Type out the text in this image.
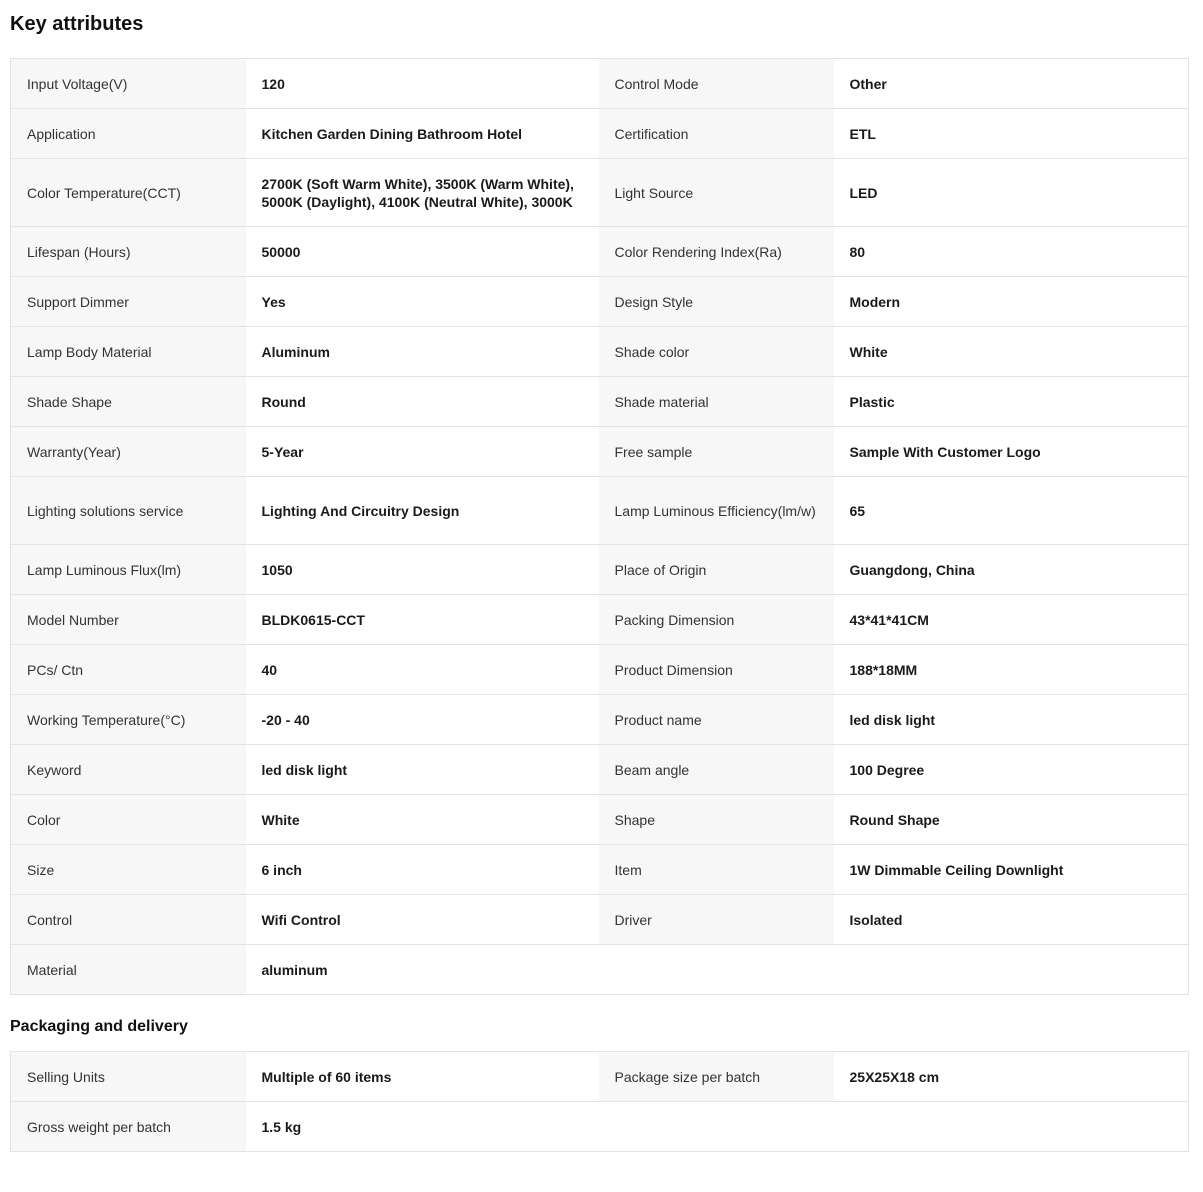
Key attributes
Input Voltage(V)	120	Control Mode	Other
Application	Kitchen Garden Dining Bathroom Hotel	Certification	ETL
Color Temperature(CCT)	2700K (Soft Warm White), 3500K (Warm White), 5000K (Daylight), 4100K (Neutral White), 3000K	Light Source	LED
Lifespan (Hours)	50000	Color Rendering Index(Ra)	80
Support Dimmer	Yes	Design Style	Modern
Lamp Body Material	Aluminum	Shade color	White
Shade Shape	Round	Shade material	Plastic
Warranty(Year)	5-Year	Free sample	Sample With Customer Logo
Lighting solutions service	Lighting And Circuitry Design	Lamp Luminous Efficiency(lm/w)	65
Lamp Luminous Flux(lm)	1050	Place of Origin	Guangdong, China
Model Number	BLDK0615-CCT	Packing Dimension	43*41*41CM
PCs/ Ctn	40	Product Dimension	188*18MM
Working Temperature(°C)	-20 - 40	Product name	led disk light
Keyword	led disk light	Beam angle	100 Degree
Color	White	Shape	Round Shape
Size	6 inch	Item	1W Dimmable Ceiling Downlight
Control	Wifi Control	Driver	Isolated
Material	aluminum		
Packaging and delivery
Selling Units	Multiple of 60 items	Package size per batch	25X25X18 cm
Gross weight per batch	1.5 kg		
